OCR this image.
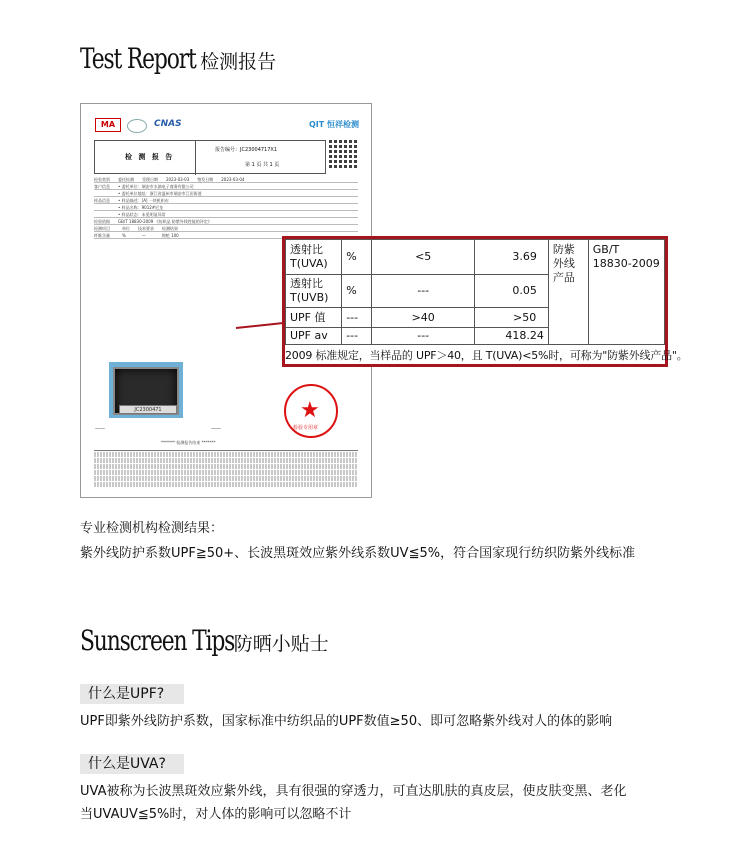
Test Report 检测报告
MA	CNAS	QIT 恒祥检测
检 测 报 告
报告编号：JC23004717X1
第 1 页 共 1 页
检验类别　　委托检测　　受理日期　　2023-03-03　　签发日期　　2023-03-04
客户信息　　• 委托单位：瑞安市水滴电子商务有限公司
　　　　　　• 委托单位地址：浙江省温州市瑞安市江田街道
样品信息　　• 样品描述：[A] 一块机织布
　　　　　　• 样品名称：9012#尼龙
　　　　　　• 样品状态：未见明显异常
检验依据　　GB/T 18830-2009 《纺织品 防紫外线性能的评定》
检测项目　　　单位　　技术要求　　检测结果
纤维含量　　　%　　　　—　　　　锦纶 100
JC2300471
——	——
★
检验专用章
******* 检测报告结束 *******
透射比 T(UVA)	%	<5	3.69	防紫外线产品	GB/T 18830-2009
透射比 T(UVB)	%	---	0.05		
UPF 值	---	>40	>50		
UPF av	---	---	418.24		
2009 标准规定，当样品的 UPF＞40，且 T(UVA)<5%时，可称为"防紫外线产品"。
专业检测机构检测结果：
紫外线防护系数UPF≧50+、长波黑斑效应紫外线系数UV≦5%，符合国家现行纺织防紫外线标准
Sunscreen Tips 防晒小贴士
什么是UPF?
UPF即紫外线防护系数，国家标准中纺织品的UPF数值≥50、即可忽略紫外线对人的体的影响
什么是UVA?
UVA被称为长波黑斑效应紫外线，具有很强的穿透力，可直达肌肤的真皮层，使皮肤变黑、老化
当UVAUV≦5%时，对人体的影响可以忽略不计
